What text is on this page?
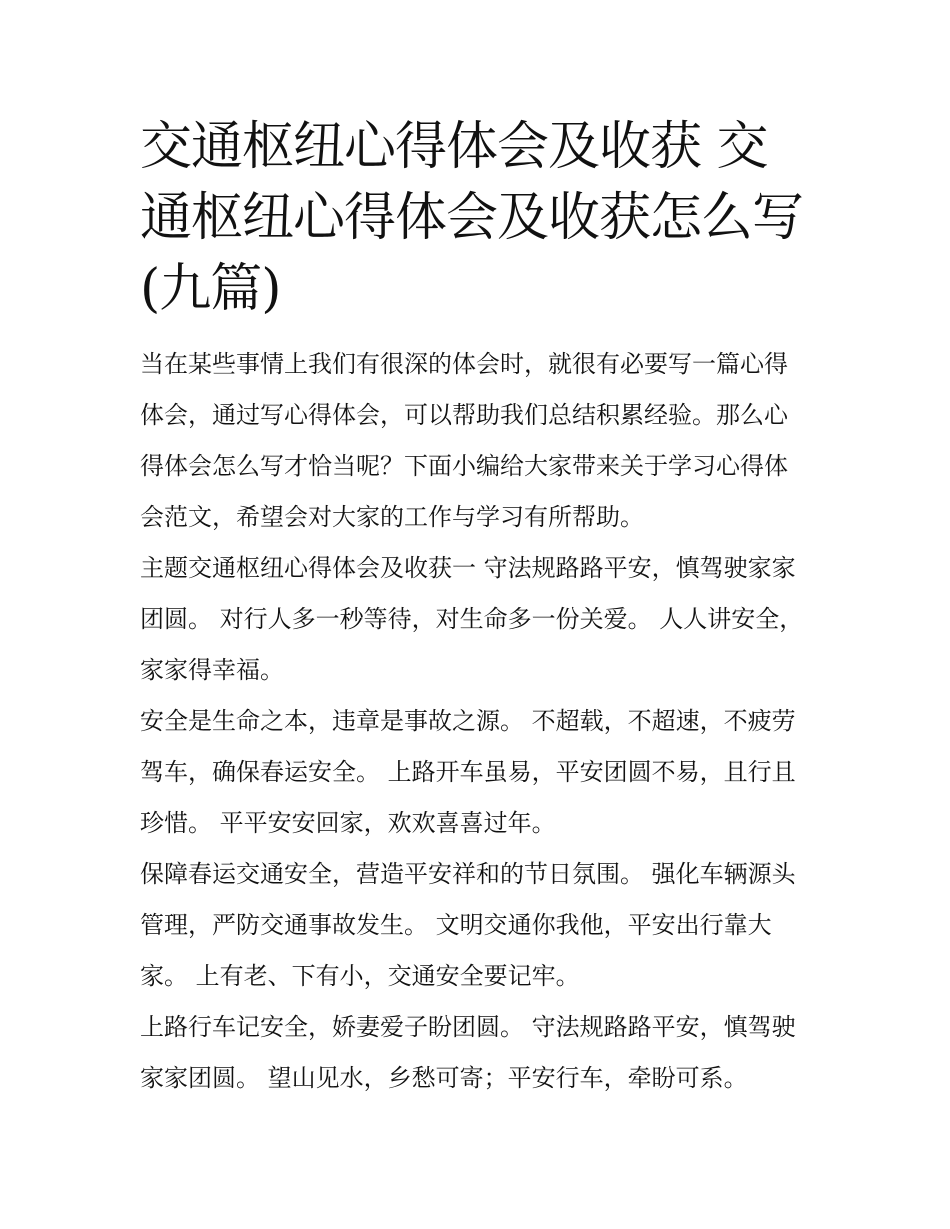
交通枢纽心得体会及收获 交通枢纽心得体会及收获怎么写(九篇)

当在某些事情上我们有很深的体会时，就很有必要写一篇心得体会，通过写心得体会，可以帮助我们总结积累经验。那么心得体会怎么写才恰当呢？下面小编给大家带来关于学习心得体会范文，希望会对大家的工作与学习有所帮助。

主题交通枢纽心得体会及收获一 守法规路路平安，慎驾驶家家团圆。 对行人多一秒等待，对生命多一份关爱。 人人讲安全，家家得幸福。

安全是生命之本，违章是事故之源。 不超载，不超速，不疲劳驾车，确保春运安全。 上路开车虽易，平安团圆不易，且行且珍惜。 平平安安回家，欢欢喜喜过年。

保障春运交通安全，营造平安祥和的节日氛围。 强化车辆源头管理，严防交通事故发生。 文明交通你我他，平安出行靠大家。 上有老、下有小，交通安全要记牢。

上路行车记安全，娇妻爱子盼团圆。 守法规路路平安，慎驾驶家家团圆。 望山见水，乡愁可寄；平安行车，牵盼可系。
